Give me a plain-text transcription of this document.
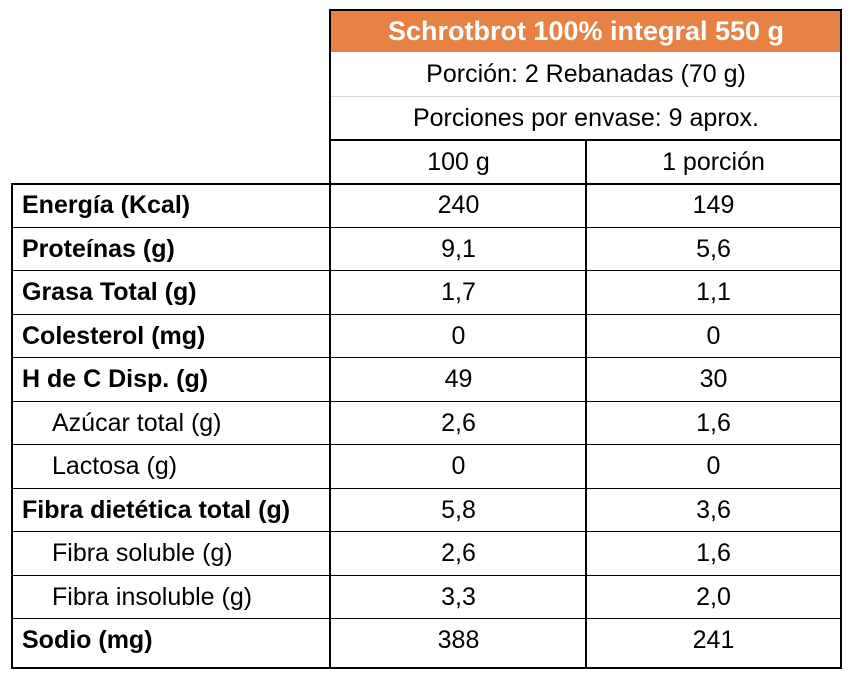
Schrotbrot 100% integral 550 g
Porción: 2 Rebanadas (70 g)
Porciones por envase: 9 aprox.
100 g	1 porción
Energía (Kcal)	240	149
Proteínas (g)	9,1	5,6
Grasa Total (g)	1,7	1,1
Colesterol (mg)	0	0
H de C Disp. (g)	49	30
Azúcar total (g)	2,6	1,6
Lactosa (g)	0	0
Fibra dietética total (g)	5,8	3,6
Fibra soluble (g)	2,6	1,6
Fibra insoluble (g)	3,3	2,0
Sodio (mg)	388	241
